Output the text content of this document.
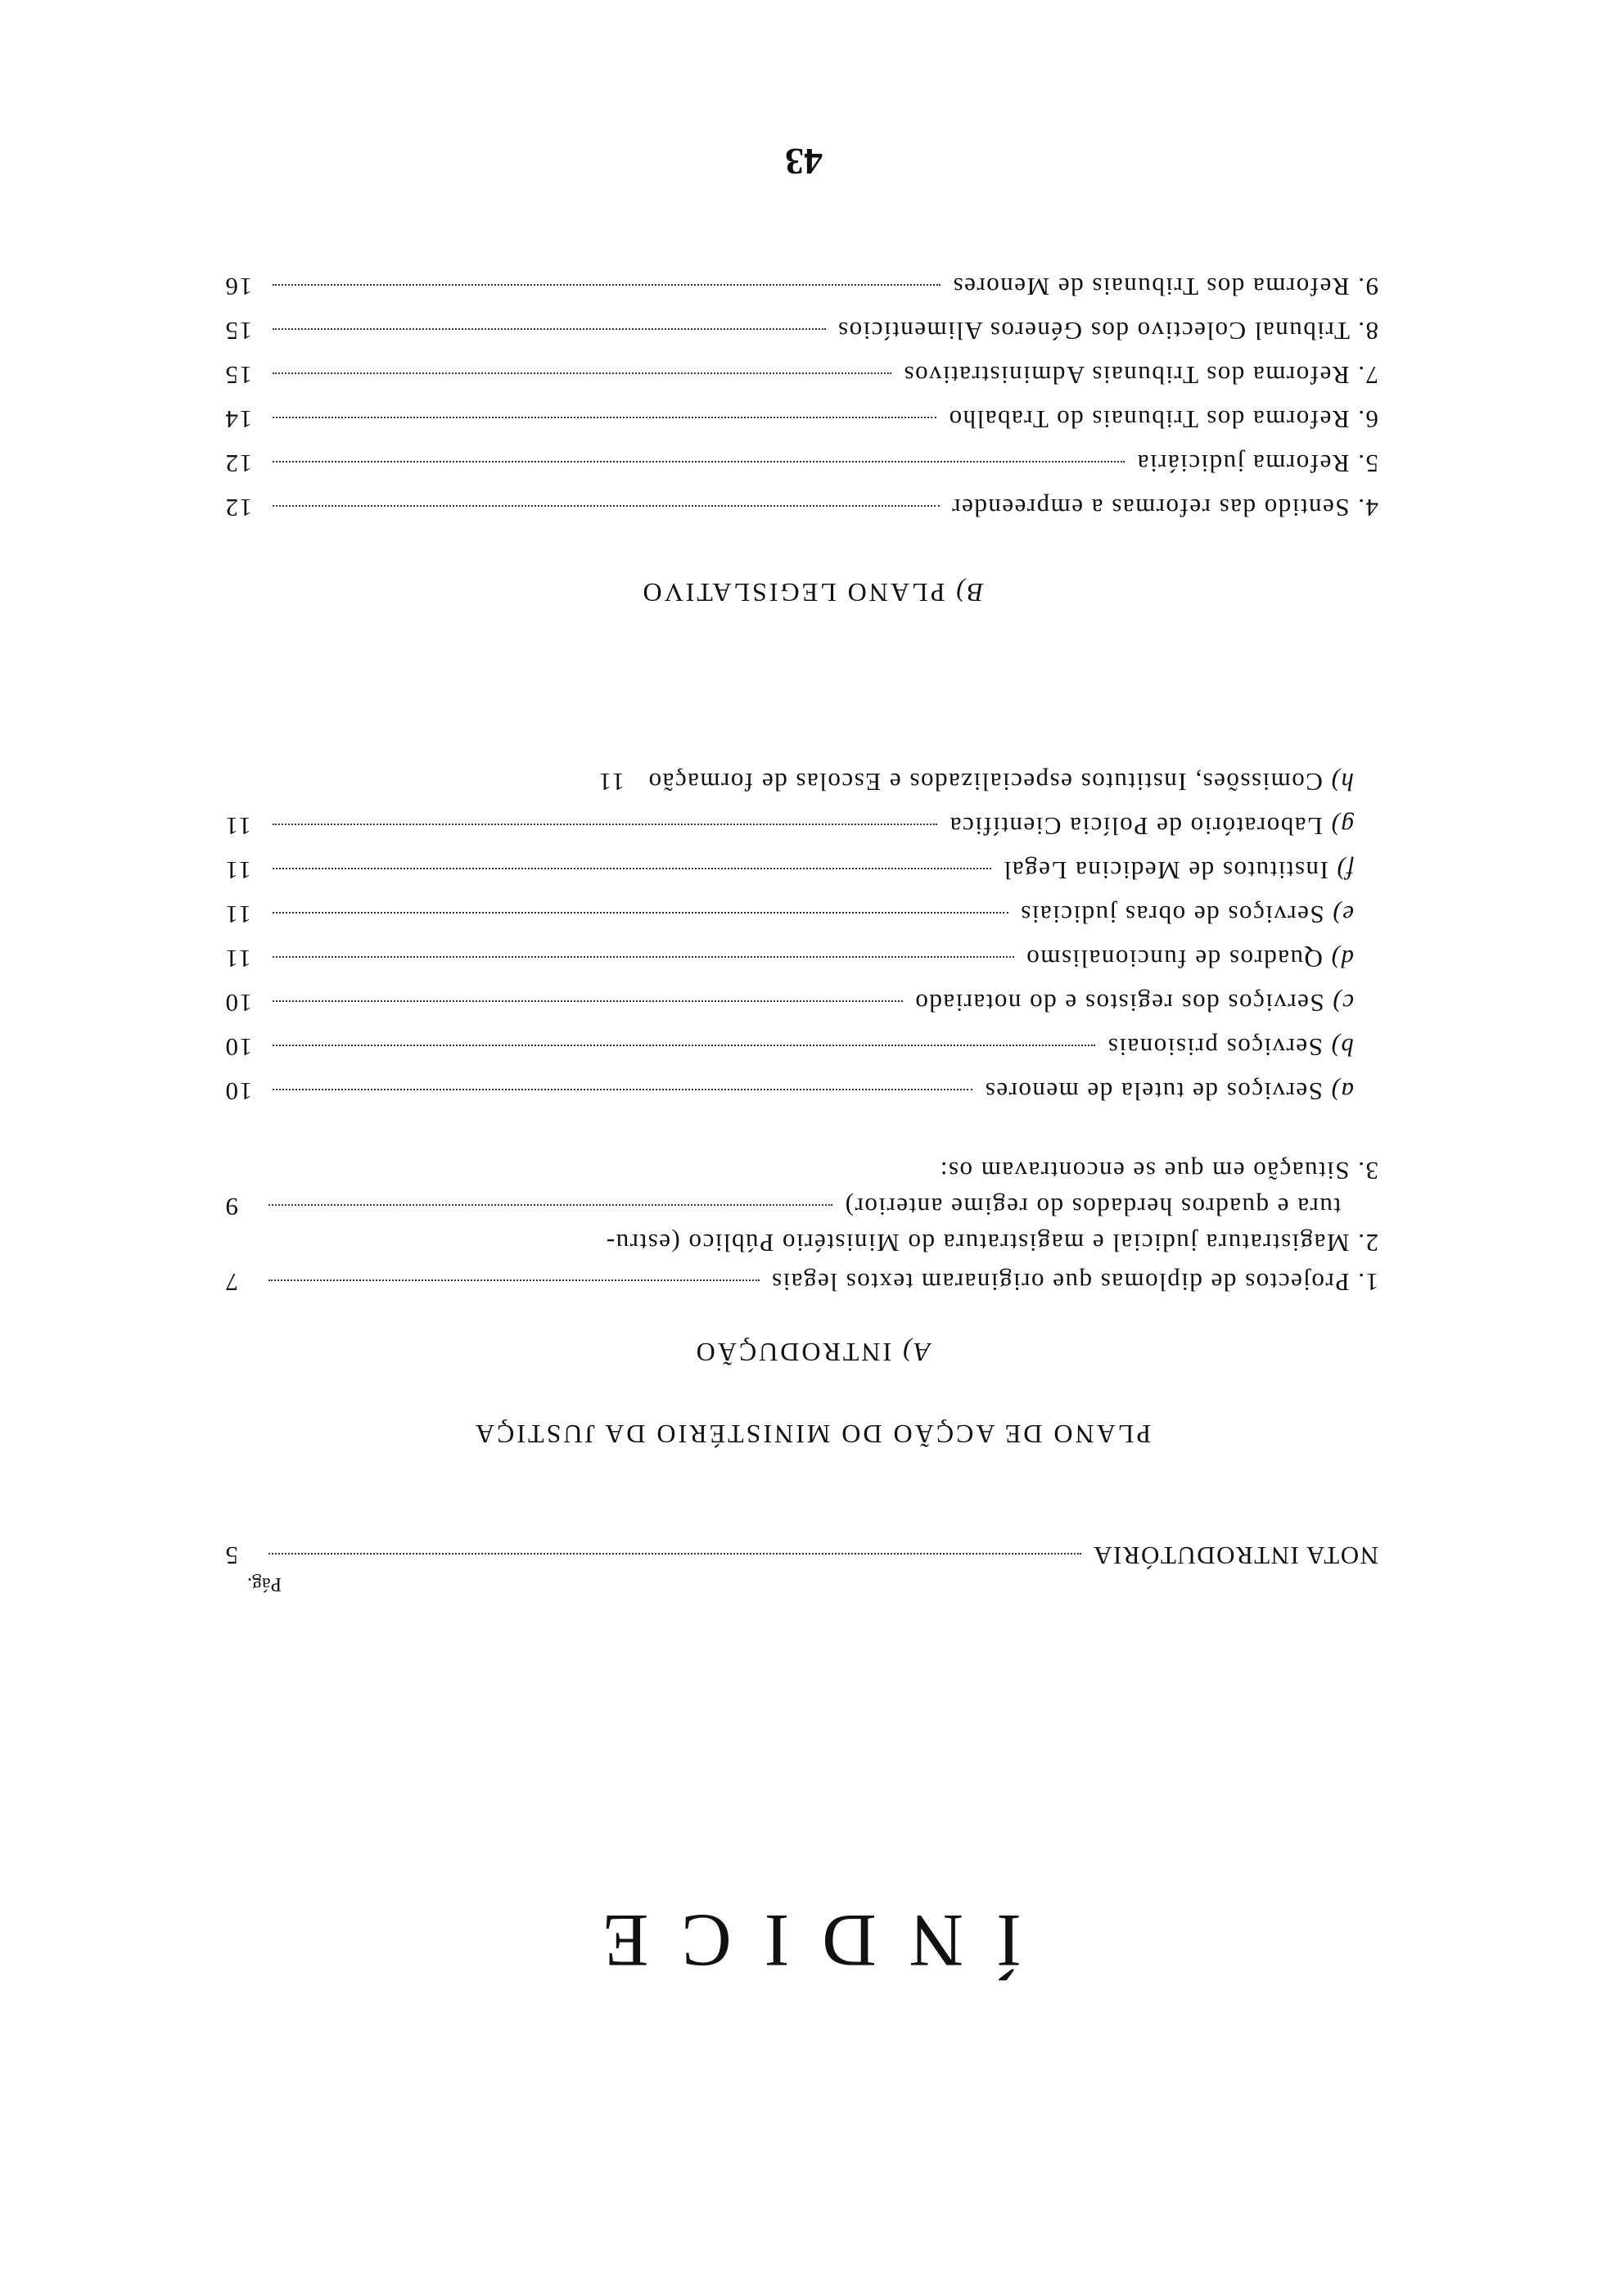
ÍNDICE
Pág.
NOTA INTRODUTÓRIA
5
PLANO DE ACÇÃO DO MINISTÉRIO DA JUSTIÇA
A) INTRODUÇÃO
1. Projectos de diplomas que originaram textos legais
7
2. Magistratura judicial e magistratura do Ministério Público (estru-
tura e quadros herdados do regime anterior)
9
3. Situação em que se encontravam os:
a) Serviços de tutela de menores
10
b) Serviços prisionais
10
c) Serviços dos registos e do notariado
10
d) Quadros de funcionalismo
11
e) Serviços de obras judiciais
11
f) Institutos de Medicina Legal
11
g) Laboratório de Polícia Científica
11
h) Comissões, Institutos especializados e Escolas de formação
11
B) PLANO LEGISLATIVO
4. Sentido das reformas a empreender
12
5. Reforma judiciária
12
6. Reforma dos Tribunais do Trabalho
14
7. Reforma dos Tribunais Administrativos
15
8. Tribunal Colectivo dos Géneros Alimentícios
15
9. Reforma dos Tribunais de Menores
16
43
